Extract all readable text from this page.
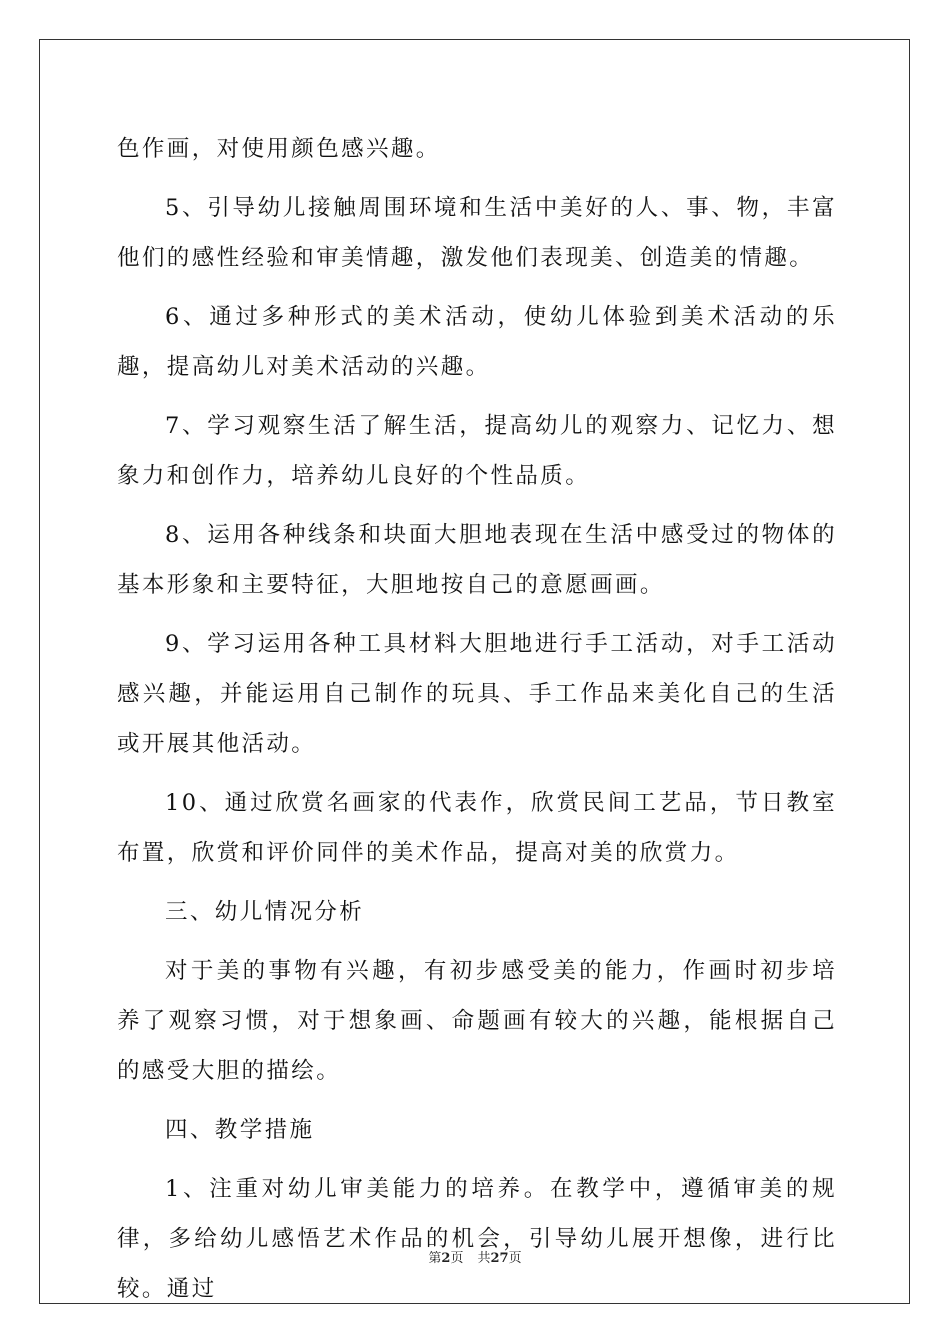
色作画，对使用颜色感兴趣。

5、引导幼儿接触周围环境和生活中美好的人、事、物，丰富他们的感性经验和审美情趣，激发他们表现美、创造美的情趣。

6、通过多种形式的美术活动，使幼儿体验到美术活动的乐趣，提高幼儿对美术活动的兴趣。

7、学习观察生活了解生活，提高幼儿的观察力、记忆力、想象力和创作力，培养幼儿良好的个性品质。

8、运用各种线条和块面大胆地表现在生活中感受过的物体的基本形象和主要特征，大胆地按自己的意愿画画。

9、学习运用各种工具材料大胆地进行手工活动，对手工活动感兴趣，并能运用自己制作的玩具、手工作品来美化自己的生活或开展其他活动。

10、通过欣赏名画家的代表作，欣赏民间工艺品，节日教室布置，欣赏和评价同伴的美术作品，提高对美的欣赏力。

三、幼儿情况分析

对于美的事物有兴趣，有初步感受美的能力，作画时初步培养了观察习惯，对于想象画、命题画有较大的兴趣，能根据自己的感受大胆的描绘。

四、教学措施

1、注重对幼儿审美能力的培养。在教学中，遵循审美的规律，多给幼儿感悟艺术作品的机会，引导幼儿展开想像，进行比较。通过

第2页 共27页
